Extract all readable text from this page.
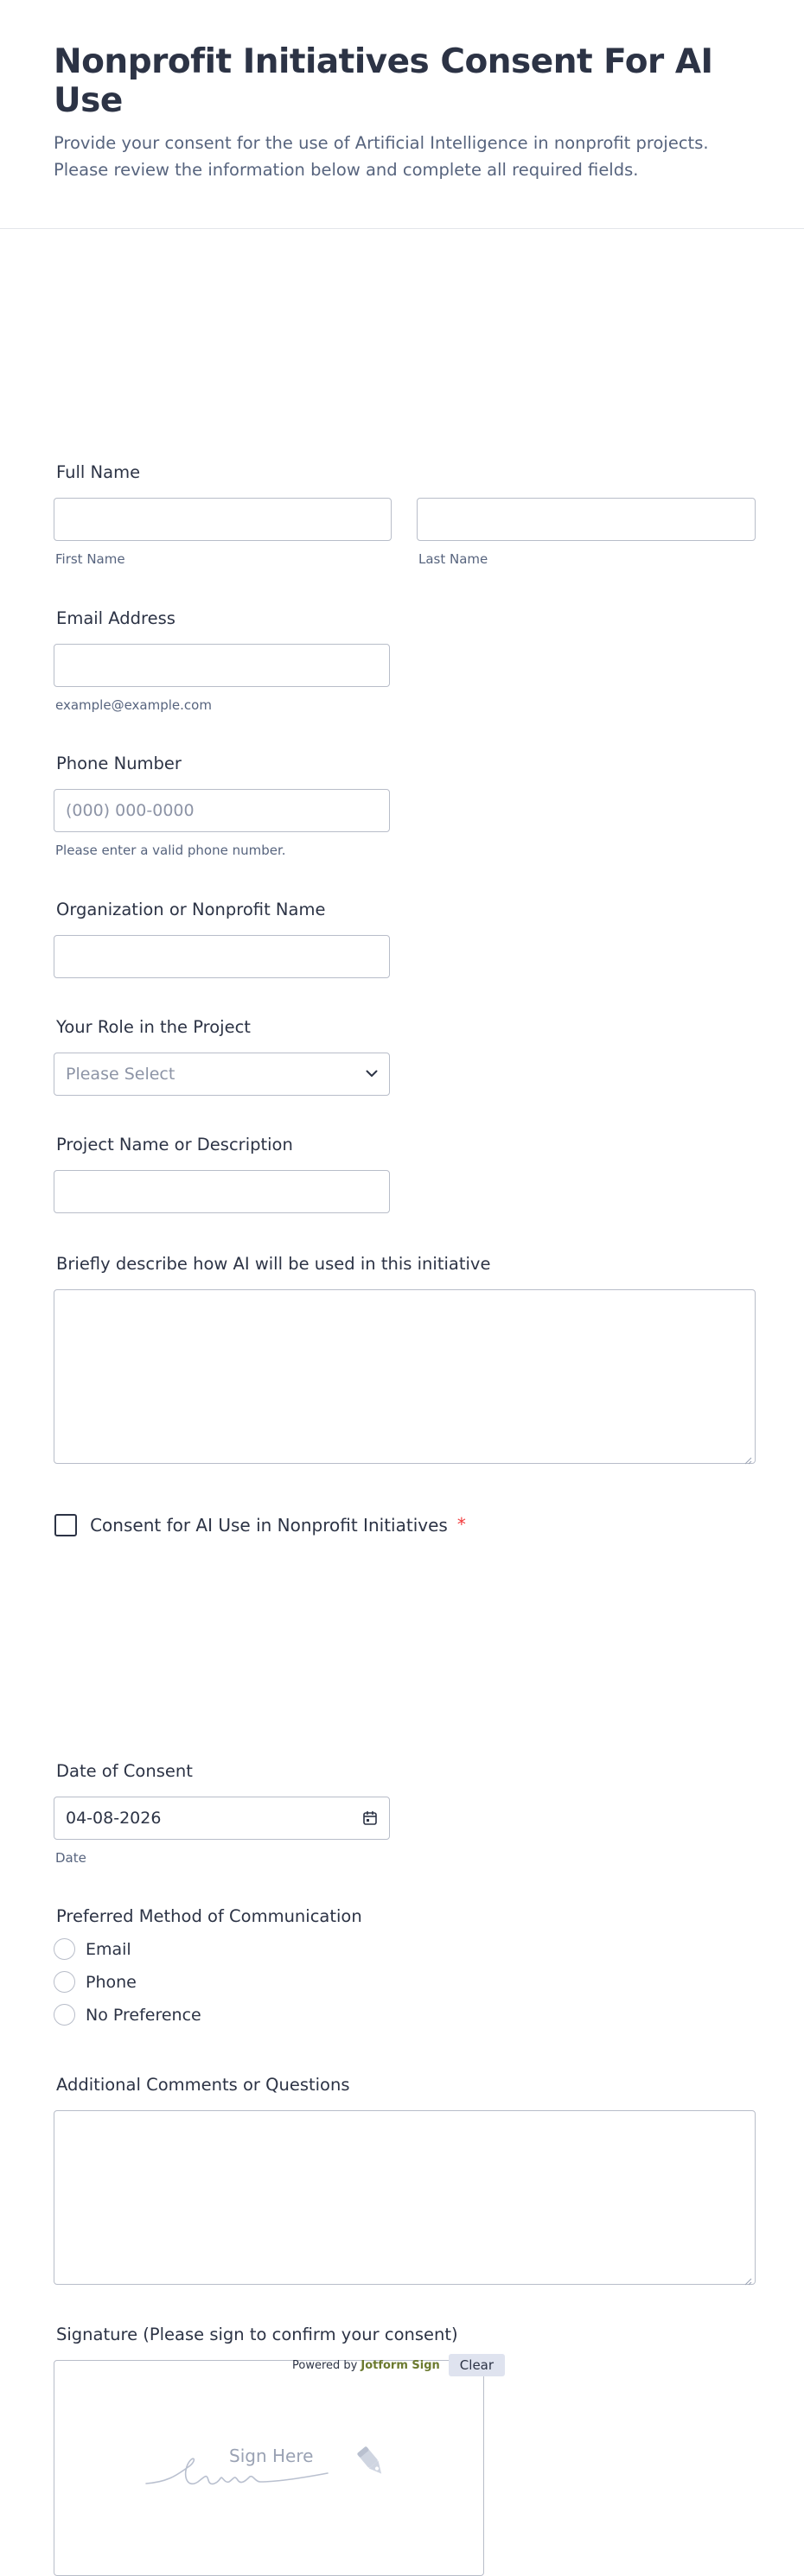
Nonprofit Initiatives Consent For AI Use

Provide your consent for the use of Artificial Intelligence in nonprofit projects. Please review the information below and complete all required fields.

Full Name
First Name	Last Name
Email Address
example@example.com
Phone Number
(000) 000-0000
Please enter a valid phone number.
Organization or Nonprofit Name
Your Role in the Project
Please Select
Project Name or Description
Briefly describe how AI will be used in this initiative
Consent for AI Use in Nonprofit Initiatives *
Date of Consent
04-08-2026
Date
Preferred Method of Communication
Email
Phone
No Preference
Additional Comments or Questions
Signature (Please sign to confirm your consent)
Sign Here
Powered by Jotform Sign	Clear
